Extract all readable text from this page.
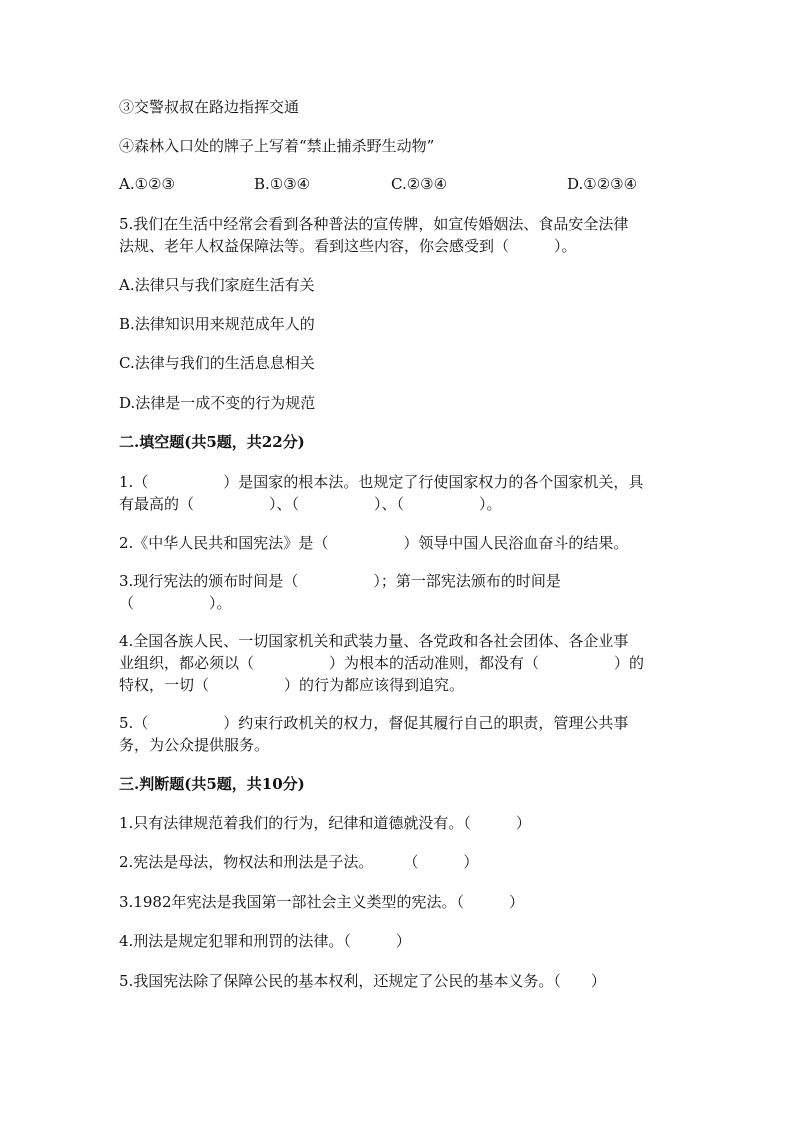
③交警叔叔在路边指挥交通
④森林入口处的牌子上写着“禁止捕杀野生动物”
A.①②③	B.①③④	C.②③④	D.①②③④
5.我们在生活中经常会看到各种普法的宣传牌，如宣传婚姻法、食品安全法律
法规、老年人权益保障法等。看到这些内容，你会感受到（　　　）。
A.法律只与我们家庭生活有关
B.法律知识用来规范成年人的
C.法律与我们的生活息息相关
D.法律是一成不变的行为规范
二.填空题(共5题，共22分)
1.（　　　　　）是国家的根本法。也规定了行使国家权力的各个国家机关，具
有最高的（　　　　　）、（　　　　　）、（　　　　　）。
2.《中华人民共和国宪法》是（　　　　　）领导中国人民浴血奋斗的结果。
3.现行宪法的颁布时间是（　　　　　）；第一部宪法颁布的时间是
（　　　　　）。
4.全国各族人民、一切国家机关和武装力量、各党政和各社会团体、各企业事
业组织，都必须以（　　　　　）为根本的活动准则，都没有（　　　　　）的
特权，一切（　　　　　）的行为都应该得到追究。
5.（　　　　　）约束行政机关的权力，督促其履行自己的职责，管理公共事
务，为公众提供服务。
三.判断题(共5题，共10分)
1.只有法律规范着我们的行为，纪律和道德就没有。（　　　）
2.宪法是母法，物权法和刑法是子法。　　　（　　　）
3.1982年宪法是我国第一部社会主义类型的宪法。（　　　）
4.刑法是规定犯罪和刑罚的法律。（　　　）
5.我国宪法除了保障公民的基本权利，还规定了公民的基本义务。（　　）
